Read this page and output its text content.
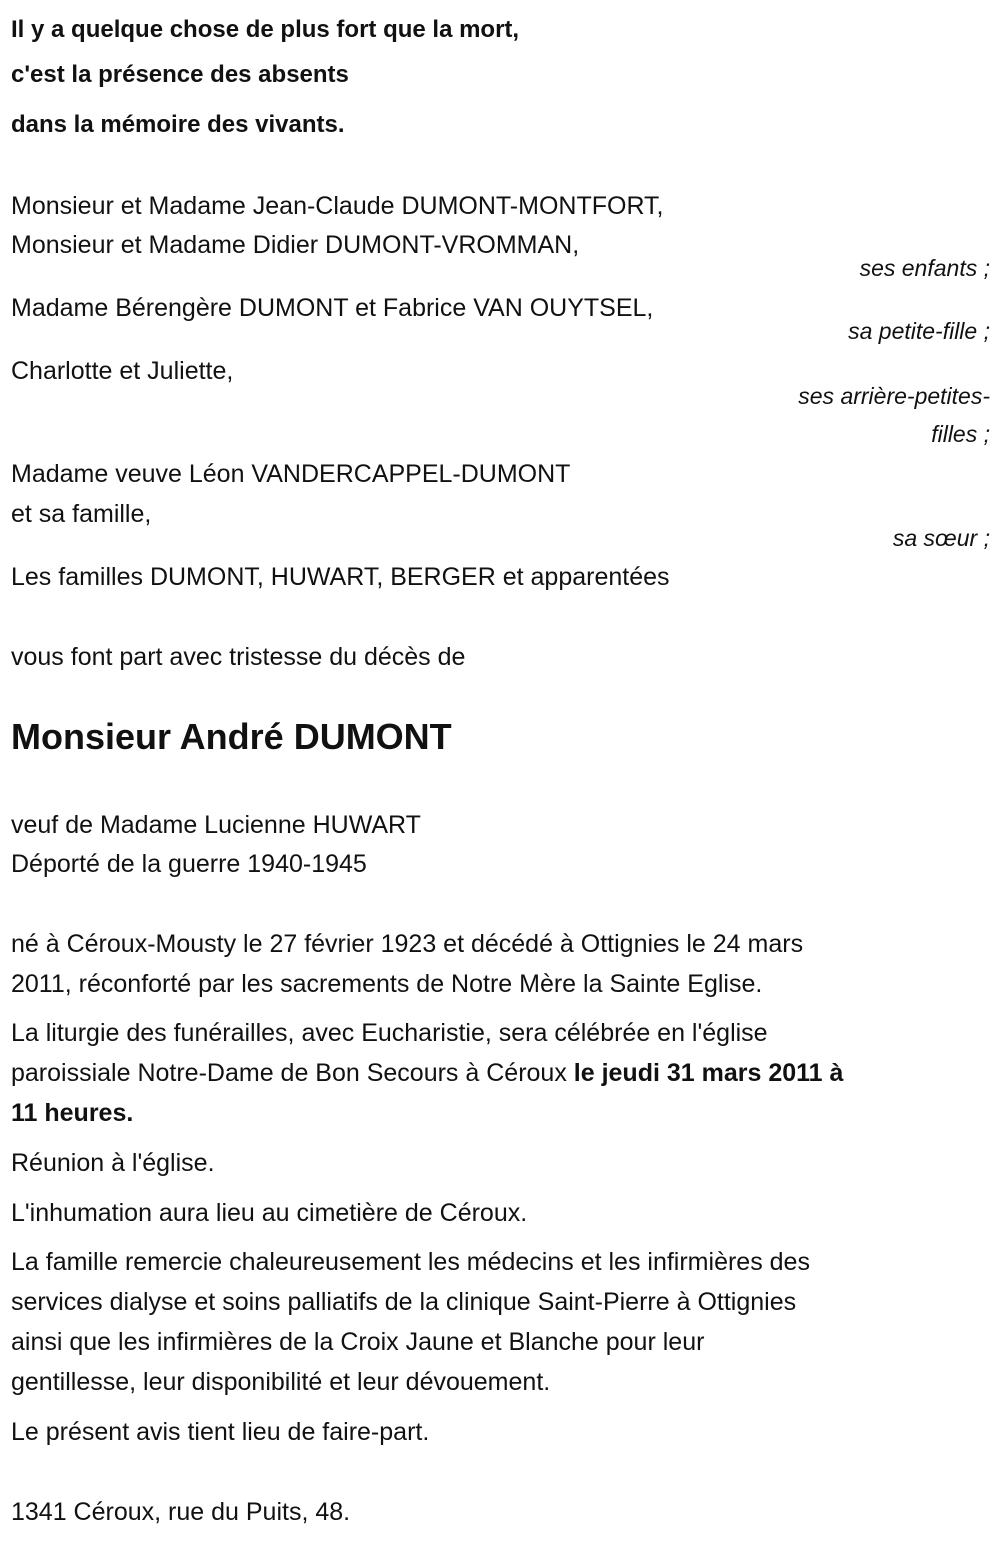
Il y a quelque chose de plus fort que la mort,
c'est la présence des absents
dans la mémoire des vivants.
Monsieur et Madame Jean-Claude DUMONT-MONTFORT,
Monsieur et Madame Didier DUMONT-VROMMAN,
ses enfants ;
Madame Bérengère DUMONT et Fabrice VAN OUYTSEL,
sa petite-fille ;
Charlotte et Juliette,
ses arrière-petites-
filles ;
Madame veuve Léon VANDERCAPPEL-DUMONT
et sa famille,
sa sœur ;
Les familles DUMONT, HUWART, BERGER et apparentées
vous font part avec tristesse du décès de
Monsieur André DUMONT
veuf de Madame Lucienne HUWART
Déporté de la guerre 1940-1945
né à Céroux-Mousty le 27 février 1923 et décédé à Ottignies le 24 mars
2011, réconforté par les sacrements de Notre Mère la Sainte Eglise.
La liturgie des funérailles, avec Eucharistie, sera célébrée en l'église
paroissiale Notre-Dame de Bon Secours à Céroux le jeudi 31 mars 2011 à
11 heures.
Réunion à l'église.
L'inhumation aura lieu au cimetière de Céroux.
La famille remercie chaleureusement les médecins et les infirmières des
services dialyse et soins palliatifs de la clinique Saint-Pierre à Ottignies
ainsi que les infirmières de la Croix Jaune et Blanche pour leur
gentillesse, leur disponibilité et leur dévouement.
Le présent avis tient lieu de faire-part.
1341 Céroux, rue du Puits, 48.
